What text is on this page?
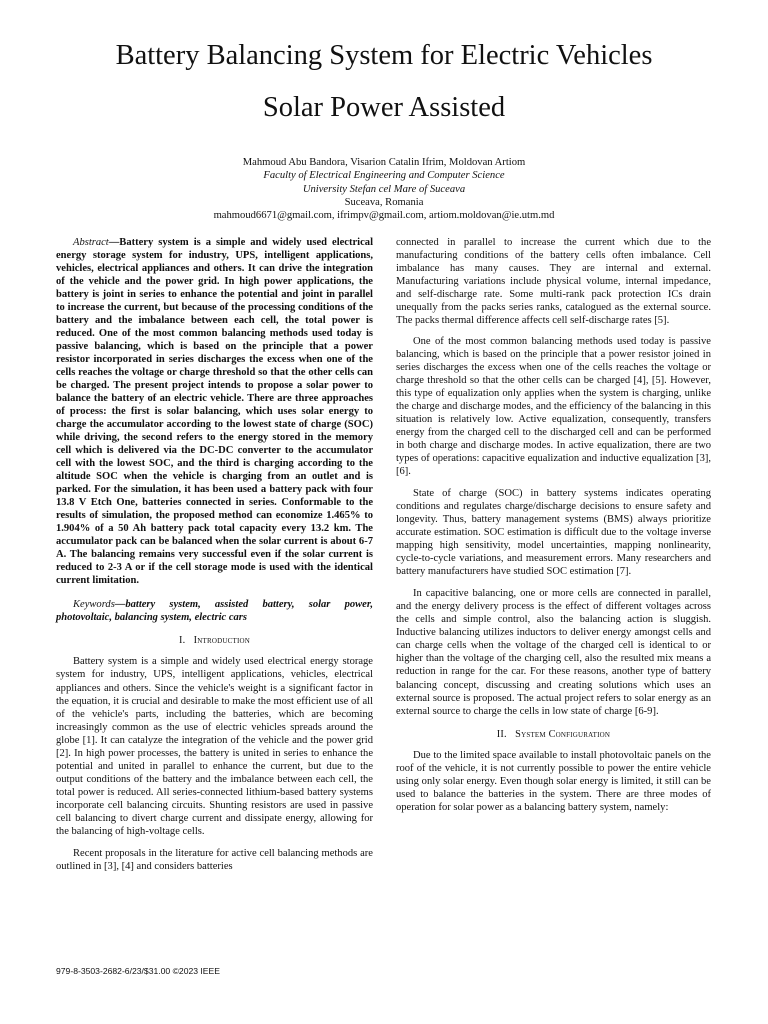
Battery Balancing System for Electric Vehicles
Solar Power Assisted
Mahmoud Abu Bandora, Visarion Catalin Ifrim, Moldovan Artiom
Faculty of Electrical Engineering and Computer Science
University Stefan cel Mare of Suceava
Suceava, Romania
mahmoud6671@gmail.com, ifrimpv@gmail.com, artiom.moldovan@ie.utm.md

Abstract—Battery system is a simple and widely used electrical energy storage system for industry, UPS, intelligent applications, vehicles, electrical appliances and others. It can drive the integration of the vehicle and the power grid. In high power applications, the battery is joint in series to enhance the potential and joint in parallel to increase the current, but because of the processing conditions of the battery and the imbalance between each cell, the total power is reduced. One of the most common balancing methods used today is passive balancing, which is based on the principle that a power resistor incorporated in series discharges the excess when one of the cells reaches the voltage or charge threshold so that the other cells can be charged. The present project intends to propose a solar power to balance the battery of an electric vehicle. There are three approaches of process: the first is solar balancing, which uses solar energy to charge the accumulator according to the lowest state of charge (SOC) while driving, the second refers to the energy stored in the memory cell which is delivered via the DC-DC converter to the accumulator cell with the lowest SOC, and the third is charging according to the altitude SOC when the vehicle is charging from an outlet and is parked. For the simulation, it has been used a battery pack with four 13.8 V Etch One, batteries connected in series. Conformable to the results of simulation, the proposed method can economize 1.465% to 1.904% of a 50 Ah battery pack total capacity every 13.2 km. The accumulator pack can be balanced when the solar current is about 6-7 A. The balancing remains very successful even if the solar current is reduced to 2-3 A or if the cell storage mode is used with the identical current limitation.

Keywords—battery system, assisted battery, solar power, photovoltaic, balancing system, electric cars

I. Introduction

Battery system is a simple and widely used electrical energy storage system for industry, UPS, intelligent applications, vehicles, electrical appliances and others. Since the vehicle's weight is a significant factor in the equation, it is crucial and desirable to make the most efficient use of all of the vehicle's parts, including the batteries, which are becoming increasingly common as the use of electric vehicles spreads around the globe [1]. It can catalyze the integration of the vehicle and the power grid [2]. In high power processes, the battery is united in series to enhance the potential and united in parallel to enhance the current, but due to the output conditions of the battery and the imbalance between each cell, the total power is reduced. All series-connected lithium-based battery systems incorporate cell balancing circuits. Shunting resistors are used in passive cell balancing to divert charge current and dissipate energy, allowing for the balancing of high-voltage cells.

Recent proposals in the literature for active cell balancing methods are outlined in [3], [4] and considers batteries

connected in parallel to increase the current which due to the manufacturing conditions of the battery cells often imbalance. Cell imbalance has many causes. They are internal and external. Manufacturing variations include physical volume, internal impedance, and self-discharge rate. Some multi-rank pack protection ICs drain unequally from the packs series ranks, catalogued as the external source. The packs thermal difference affects cell self-discharge rates [5].

One of the most common balancing methods used today is passive balancing, which is based on the principle that a power resistor joined in series discharges the excess when one of the cells reaches the voltage or charge threshold so that the other cells can be charged [4], [5]. However, this type of equalization only applies when the system is charging, unlike the charge and discharge modes, and the efficiency of the balancing in this situation is relatively low. Active equalization, consequently, transfers energy from the charged cell to the discharged cell and can be performed in both charge and discharge modes. In active equalization, there are two types of operations: capacitive equalization and inductive equalization [3], [6].

State of charge (SOC) in battery systems indicates operating conditions and regulates charge/discharge decisions to ensure safety and longevity. Thus, battery management systems (BMS) always prioritize accurate estimation. SOC estimation is difficult due to the voltage inverse mapping high sensitivity, model uncertainties, mapping nonlinearity, cycle-to-cycle variations, and measurement errors. Many researchers and battery manufacturers have studied SOC estimation [7].

In capacitive balancing, one or more cells are connected in parallel, and the energy delivery process is the effect of different voltages across the cells and simple control, also the balancing action is sluggish. Inductive balancing utilizes inductors to deliver energy amongst cells and can charge cells when the voltage of the charged cell is identical to or higher than the voltage of the charging cell, also the resulted mix means a reduction in range for the car. For these reasons, another type of battery balancing concept, discussing and creating solutions which uses an external source is proposed. The actual project refers to solar energy as an external source to charge the cells in low state of charge [6-9].

II. System Configuration

Due to the limited space available to install photovoltaic panels on the roof of the vehicle, it is not currently possible to power the entire vehicle using only solar energy. Even though solar energy is limited, it still can be used to balance the batteries in the system. There are three modes of operation for solar power as a balancing battery system, namely:

979-8-3503-2682-6/23/$31.00 ©2023 IEEE
